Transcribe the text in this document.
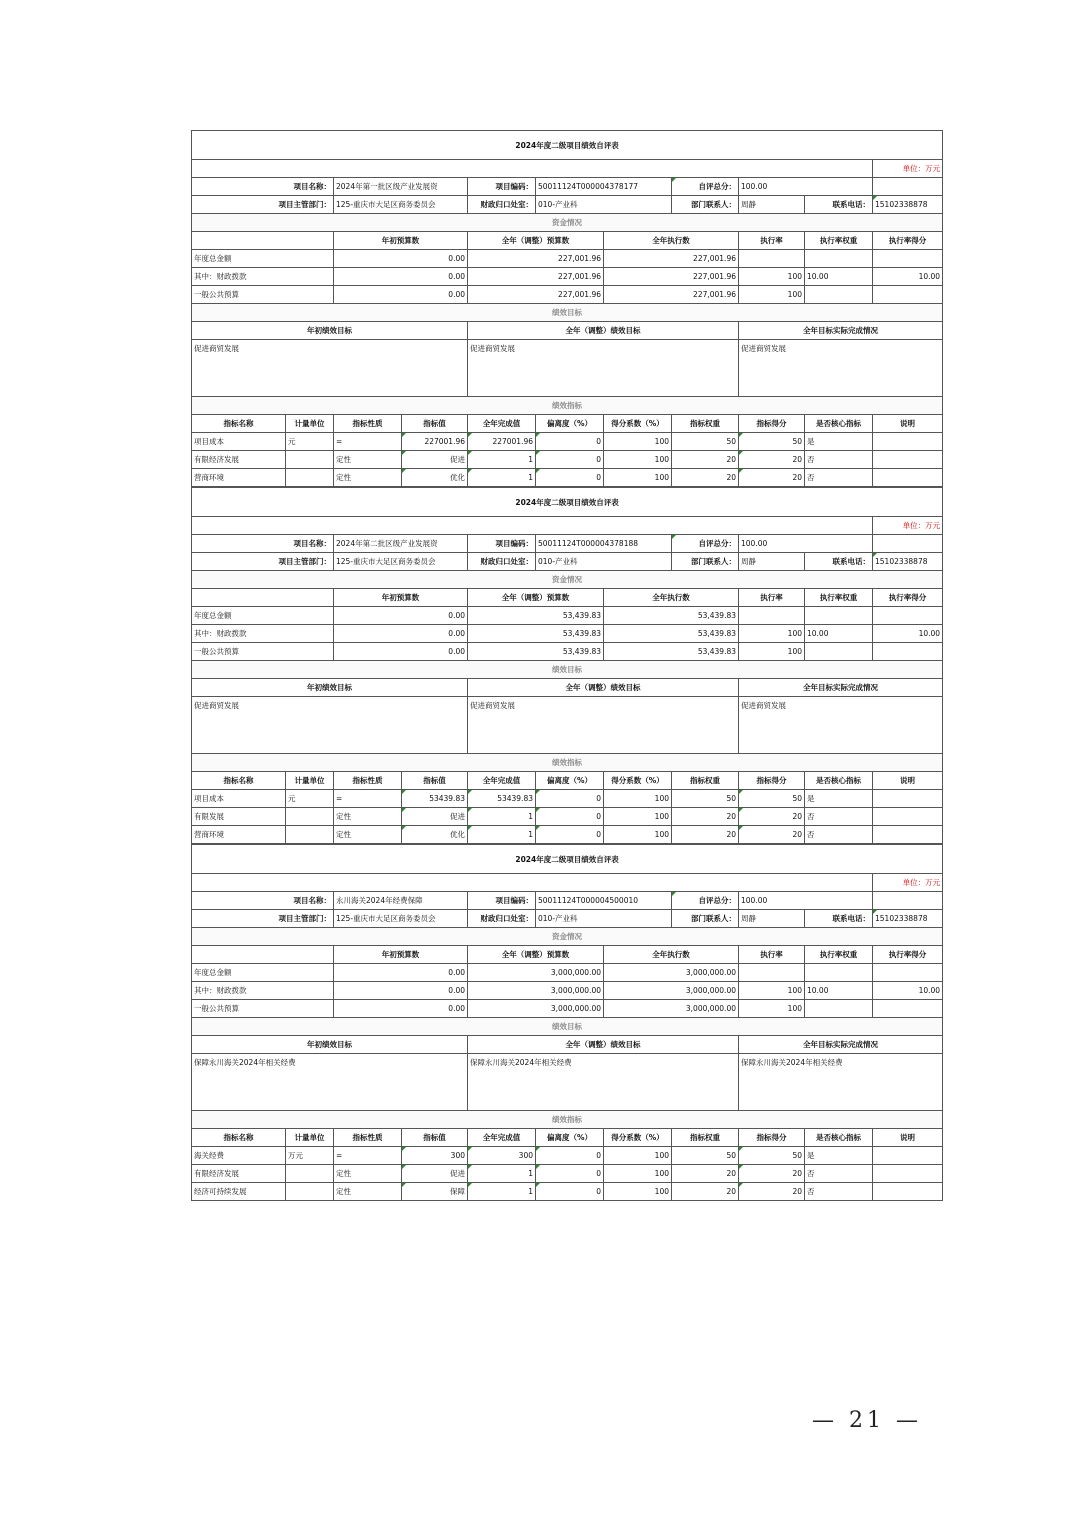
2024年度二级项目绩效自评表										
										单位：万元
项目名称：		2024年第一批区级产业发展资		项目编码：	50011124T000004378177		自评总分：	100.00		
项目主管部门：		125-重庆市大足区商务委员会		财政归口处室：	010-产业科		部门联系人：	周静	联系电话：	15102338878
资金情况										
		年初预算数		全年（调整）预算数		全年执行数		执行率	执行率权重	执行率得分
年度总金额		0.00		227,001.96		227,001.96				
其中：财政拨款		0.00		227,001.96		227,001.96		100	10.00	10.00
一般公共预算		0.00		227,001.96		227,001.96		100		
绩效目标										
年初绩效目标				全年（调整）绩效目标				全年目标实际完成情况		
促进商贸发展				促进商贸发展				促进商贸发展		
绩效指标										
指标名称	计量单位	指标性质	指标值	全年完成值	偏离度（%）	得分系数（%）	指标权重	指标得分	是否核心指标	说明
项目成本	元	=	227001.96	227001.96	0	100	50	50	是	
有限经济发展		定性	促进	1	0	100	20	20	否	
营商环境		定性	优化	1	0	100	20	20	否	
2024年度二级项目绩效自评表										
										单位：万元
项目名称：		2024年第二批区级产业发展资		项目编码：	50011124T000004378188		自评总分：	100.00		
项目主管部门：		125-重庆市大足区商务委员会		财政归口处室：	010-产业科		部门联系人：	周静	联系电话：	15102338878
资金情况										
		年初预算数		全年（调整）预算数		全年执行数		执行率	执行率权重	执行率得分
年度总金额		0.00		53,439.83		53,439.83				
其中：财政拨款		0.00		53,439.83		53,439.83		100	10.00	10.00
一般公共预算		0.00		53,439.83		53,439.83		100		
绩效目标										
年初绩效目标				全年（调整）绩效目标				全年目标实际完成情况		
促进商贸发展				促进商贸发展				促进商贸发展		
绩效指标										
指标名称	计量单位	指标性质	指标值	全年完成值	偏离度（%）	得分系数（%）	指标权重	指标得分	是否核心指标	说明
项目成本	元	=	53439.83	53439.83	0	100	50	50	是	
有限发展		定性	促进	1	0	100	20	20	否	
营商环境		定性	优化	1	0	100	20	20	否	
2024年度二级项目绩效自评表										
										单位：万元
项目名称：		永川海关2024年经费保障		项目编码：	50011124T000004500010		自评总分：	100.00		
项目主管部门：		125-重庆市大足区商务委员会		财政归口处室：	010-产业科		部门联系人：	周静	联系电话：	15102338878
资金情况										
		年初预算数		全年（调整）预算数		全年执行数		执行率	执行率权重	执行率得分
年度总金额		0.00		3,000,000.00		3,000,000.00				
其中：财政拨款		0.00		3,000,000.00		3,000,000.00		100	10.00	10.00
一般公共预算		0.00		3,000,000.00		3,000,000.00		100		
绩效目标										
年初绩效目标				全年（调整）绩效目标				全年目标实际完成情况		
保障永川海关2024年相关经费				保障永川海关2024年相关经费				保障永川海关2024年相关经费		
绩效指标										
指标名称	计量单位	指标性质	指标值	全年完成值	偏离度（%）	得分系数（%）	指标权重	指标得分	是否核心指标	说明
海关经费	万元	=	300	300	0	100	50	50	是	
有限经济发展		定性	促进	1	0	100	20	20	否	
经济可持续发展		定性	保障	1	0	100	20	20	否	
— 21 —
